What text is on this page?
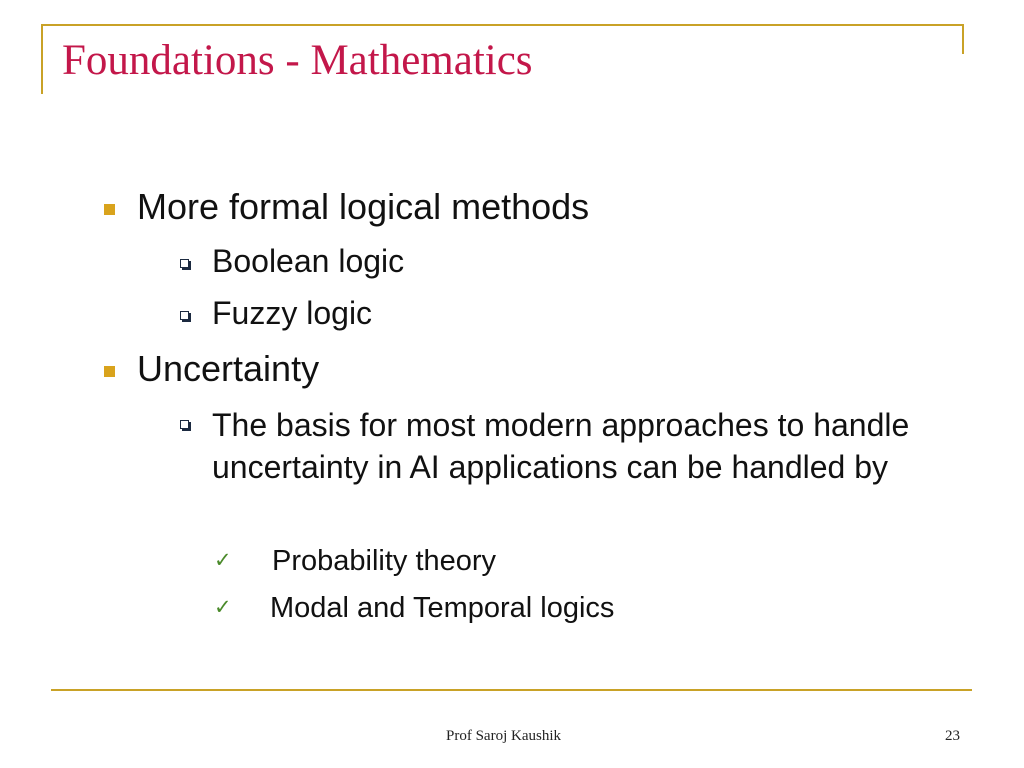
Foundations - Mathematics
More formal logical methods
Boolean logic
Fuzzy logic
Uncertainty
The basis for most modern approaches to handle uncertainty in AI applications can be handled by
✓ Probability theory
✓ Modal and Temporal logics
Prof Saroj Kaushik	23
